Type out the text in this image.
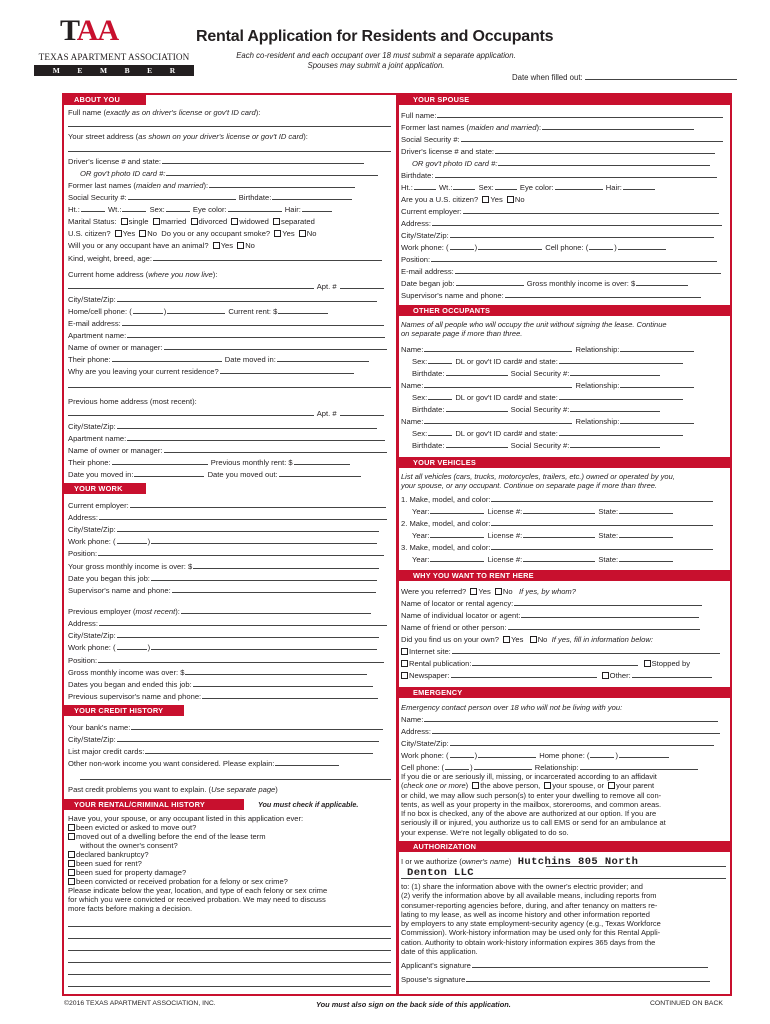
TAA
TEXAS APARTMENT ASSOCIATION
M E M B E R
Rental Application for Residents and Occupants
Each co-resident and each occupant over 18 must submit a separate application.
Spouses may submit a joint application.
Date when filled out:
ABOUT YOU
Full name (exactly as on driver's license or gov't ID card):
Your street address (as shown on your driver's license or gov't ID card):
Driver's license # and state:
OR gov't photo ID card #:
Former last names (maiden and married):
Social Security #:	Birthdate:
Ht.:	Wt.:	Sex:	Eye color:	Hair:
Marital Status: single married divorced widowed separated
U.S. citizen? Yes No Do you or any occupant smoke? Yes No
Will you or any occupant have an animal? Yes No
Kind, weight, breed, age:
Current home address (where you now live):
Apt. #
City/State/Zip:
Home/cell phone: (	)	Current rent: $
E-mail address:
Apartment name:
Name of owner or manager:
Their phone:	Date moved in:
Why are you leaving your current residence?
Previous home address (most recent):
Apt. #
City/State/Zip:
Apartment name:
Name of owner or manager:
Their phone:	Previous monthly rent: $
Date you moved in:	Date you moved out:
YOUR WORK
Current employer:
Address:
City/State/Zip:
Work phone: (	)
Position:
Your gross monthly income is over: $
Date you began this job:
Supervisor's name and phone:
Previous employer (most recent):
Address:
City/State/Zip:
Work phone: (	)
Position:
Gross monthly income was over: $
Dates you began and ended this job:
Previous supervisor's name and phone:
YOUR CREDIT HISTORY
Your bank's name:
City/State/Zip:
List major credit cards:
Other non-work income you want considered. Please explain:
Past credit problems you want to explain. (Use separate page)
YOUR RENTAL/CRIMINAL HISTORY	You must check if applicable.
Have you, your spouse, or any occupant listed in this application ever:
been evicted or asked to move out?
moved out of a dwelling before the end of the lease term
without the owner's consent?
declared bankruptcy?
been sued for rent?
been sued for property damage?
been convicted or received probation for a felony or sex crime?
Please indicate below the year, location, and type of each felony or sex crime
for which you were convicted or received probation. We may need to discuss
more facts before making a decision.
YOUR SPOUSE
Full name:
Former last names (maiden and married):
Social Security #:
Driver's license # and state:
OR gov't photo ID card #:
Birthdate:
Ht.:	Wt.:	Sex:	Eye color:	Hair:
Are you a U.S. citizen? Yes No
Current employer:
Address:
City/State/Zip:
Work phone: (	)	Cell phone: (	)
Position:
E-mail address:
Date began job:	Gross monthly income is over: $
Supervisor's name and phone:
OTHER OCCUPANTS
Names of all people who will occupy the unit without signing the lease. Continue
on separate page if more than three.
Name:	Relationship:
Sex:	DL or gov't ID card# and state:
Birthdate:	Social Security #:
Name:	Relationship:
Sex:	DL or gov't ID card# and state:
Birthdate:	Social Security #:
Name:	Relationship:
Sex:	DL or gov't ID card# and state:
Birthdate:	Social Security #:
YOUR VEHICLES
List all vehicles (cars, trucks, motorcycles, trailers, etc.) owned or operated by you,
your spouse, or any occupant. Continue on separate page if more than three.
1. Make, model, and color:
Year:	License #:	State:
2. Make, model, and color:
Year:	License #:	State:
3. Make, model, and color:
Year:	License #:	State:
WHY YOU WANT TO RENT HERE
Were you referred? Yes No If yes, by whom?
Name of locator or rental agency:
Name of individual locator or agent:
Name of friend or other person:
Did you find us on your own? Yes No If yes, fill in information below:
Internet site:
Rental publication:	Stopped by
Newspaper:	Other:
EMERGENCY
Emergency contact person over 18 who will not be living with you:
Name:
Address:
City/State/Zip:
Work phone: (	)	Home phone: (	)
Cell phone: (	)	Relationship:
If you die or are seriously ill, missing, or incarcerated according to an affidavit
(check one or more) the above person, your spouse, or your parent
or child, we may allow such person(s) to enter your dwelling to remove all con-
tents, as well as your property in the mailbox, storerooms, and common areas.
If no box is checked, any of the above are authorized at our option. If you are
seriously ill or injured, you authorize us to call EMS or send for an ambulance at
your expense. We're not legally obligated to do so.
AUTHORIZATION
I or we authorize (owner's name) Hutchins 805 North
Denton LLC
to: (1) share the information above with the owner's electric provider; and
(2) verify the information above by all available means, including reports from
consumer-reporting agencies before, during, and after tenancy on matters re-
lating to my lease, as well as income history and other information reported
by employers to any state employment-security agency (e.g., Texas Workforce
Commission). Work-history information may be used only for this Rental Appli-
cation. Authority to obtain work-history information expires 365 days from the
date of this application.
Applicant's signature
Spouse's signature
©2016 TEXAS APARTMENT ASSOCIATION, INC.	You must also sign on the back side of this application.	CONTINUED ON BACK
